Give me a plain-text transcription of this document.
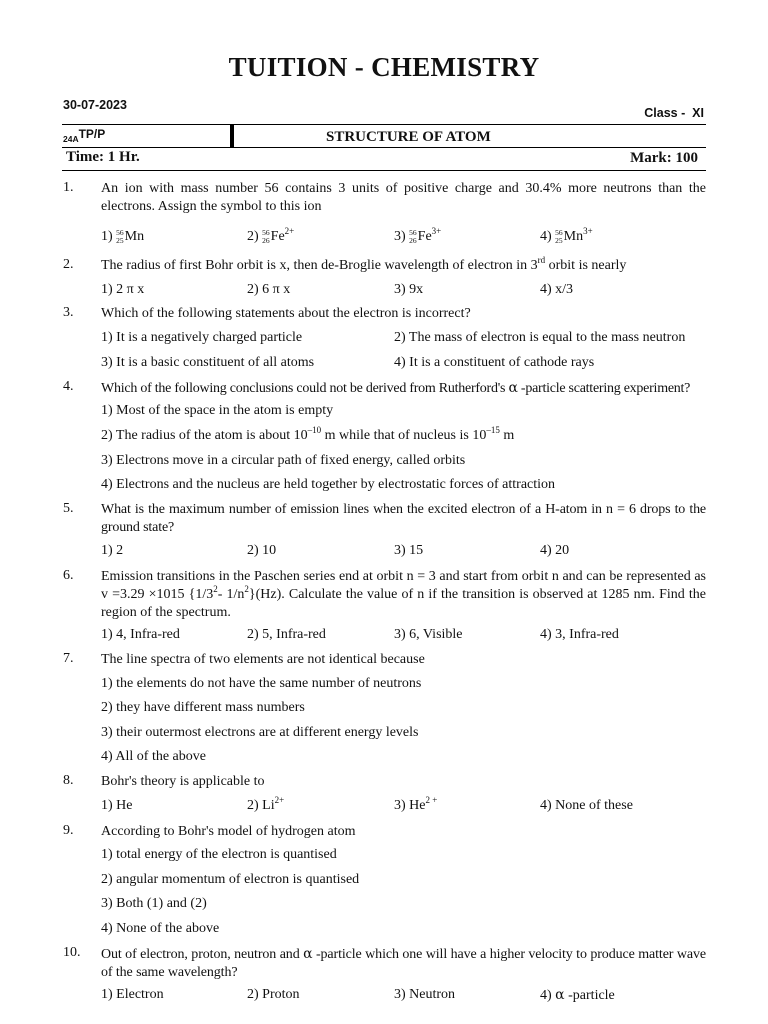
TUITION - CHEMISTRY
30-07-2023
Class -  XI
$24A^{TP/P}$	STRUCTURE OF ATOM
Time: 1 Hr.	Mark: 100
1. An ion with mass number 56 contains 3 units of positive charge and 30.4% more neutrons than the electrons. Assign the symbol to this ion
1) 56
25 Mn	2) 56
26 $Fe^{2+}$	3) 56
26 $Fe^{3+}$	4) 56
25 $Mn^{3+}$
2. The radius of first Bohr orbit is x, then de-Broglie wavelength of electron in 3rd orbit is nearly
1) 2 π x	2) 6 π x	3) 9x	4) x/3
3. Which of the following statements about the electron is incorrect?
1) It is a negatively charged particle	2) The mass of electron is equal to the mass neutron
3) It is a basic constituent of all atoms	4) It is a constituent of cathode rays
4. Which of the following conclusions could not be derived from Rutherford's α -particle scattering experiment?
1) Most of the space in the atom is empty
2) The radius of the atom is about $10^{-10}$ m while that of nucleus is $10^{-15}$ m
3) Electrons move in a circular path of fixed energy, called orbits
4) Electrons and the nucleus are held together by electrostatic forces of attraction
5. What is the maximum number of emission lines when the excited electron of a H-atom in n = 6 drops to the ground state?
1) 2	2) 10	3) 15	4) 20
6. Emission transitions in the Paschen series end at orbit n = 3 and start from orbit n and can be represented as v =3.29 ×1015 {$1/3^2-$ $1/n^2\}(Hz)$. Calculate the value of n if the transition is observed at 1285 nm. Find the region of the spectrum.
1) 4, Infra-red	2) 5, Infra-red	3) 6, Visible	4) 3, Infra-red
7. The line spectra of two elements are not identical because
1) the elements do not have the same number of neutrons
2) they have different mass numbers
3) their outermost electrons are at different energy levels
4) All of the above
8. Bohr's theory is applicable to
1) He	2) $Li^{2+}$	3) $He^{2 +}$	4) None of these
9. According to Bohr's model of hydrogen atom
1) total energy of the electron is quantised
2) angular momentum of electron is quantised
3) Both (1) and (2)
4) None of the above
10. Out of electron, proton, neutron and α -particle which one will have a higher velocity to produce matter wave of the same wavelength?
1) Electron	2) Proton	3) Neutron	4) α -particle
